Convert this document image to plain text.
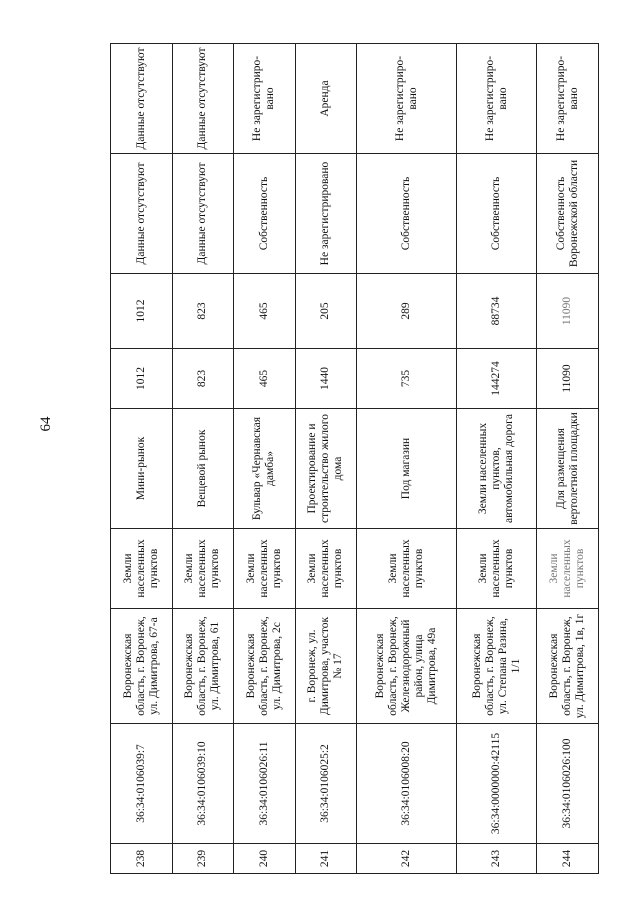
64
238	36:34:0106039:7	Воронежская область, г. Воронеж, ул. Димитрова, 67-а	Земли населенных пунктов	Мини-рынок	1012	1012	Данные отсутствуют	Данные отсутствуют
239	36:34:0106039:10	Воронежская область, г. Воронеж, ул. Димитрова, 61	Земли населенных пунктов	Вещевой рынок	823	823	Данные отсутствуют	Данные отсутствуют
240	36:34:0106026:11	Воронежская область, г. Воронеж, ул. Димитрова, 2с	Земли населенных пунктов	Бульвар «Чернавская дамба»	465	465	Собственность	Не зарегистриро-вано
241	36:34:0106025:2	г. Воронеж, ул. Димитрова, участок № 17	Земли населенных пунктов	Проектирование и строительство жилого дома	1440	205	Не зарегистрировано	Аренда
242	36:34:0106008:20	Воронежская область, г. Воронеж, Железнодорожный район, улица Димитрова, 49а	Земли населенных пунктов	Под магазин	735	289	Собственность	Не зарегистриро-вано
243	36:34:0000000:42115	Воронежская область, г. Воронеж, ул. Степана Разина, 1/1	Земли населенных пунктов	Земли населенных пунктов, автомобильная дорога	144274	88734	Собственность	Не зарегистриро-вано
244	36:34:0106026:100	Воронежская область, г. Воронеж, ул. Димитрова, 1в, 1г	Земли населенных пунктов	Для размещения вертолетной площадки	11090	11090	Собственность Воронежской области	Не зарегистриро-вано
